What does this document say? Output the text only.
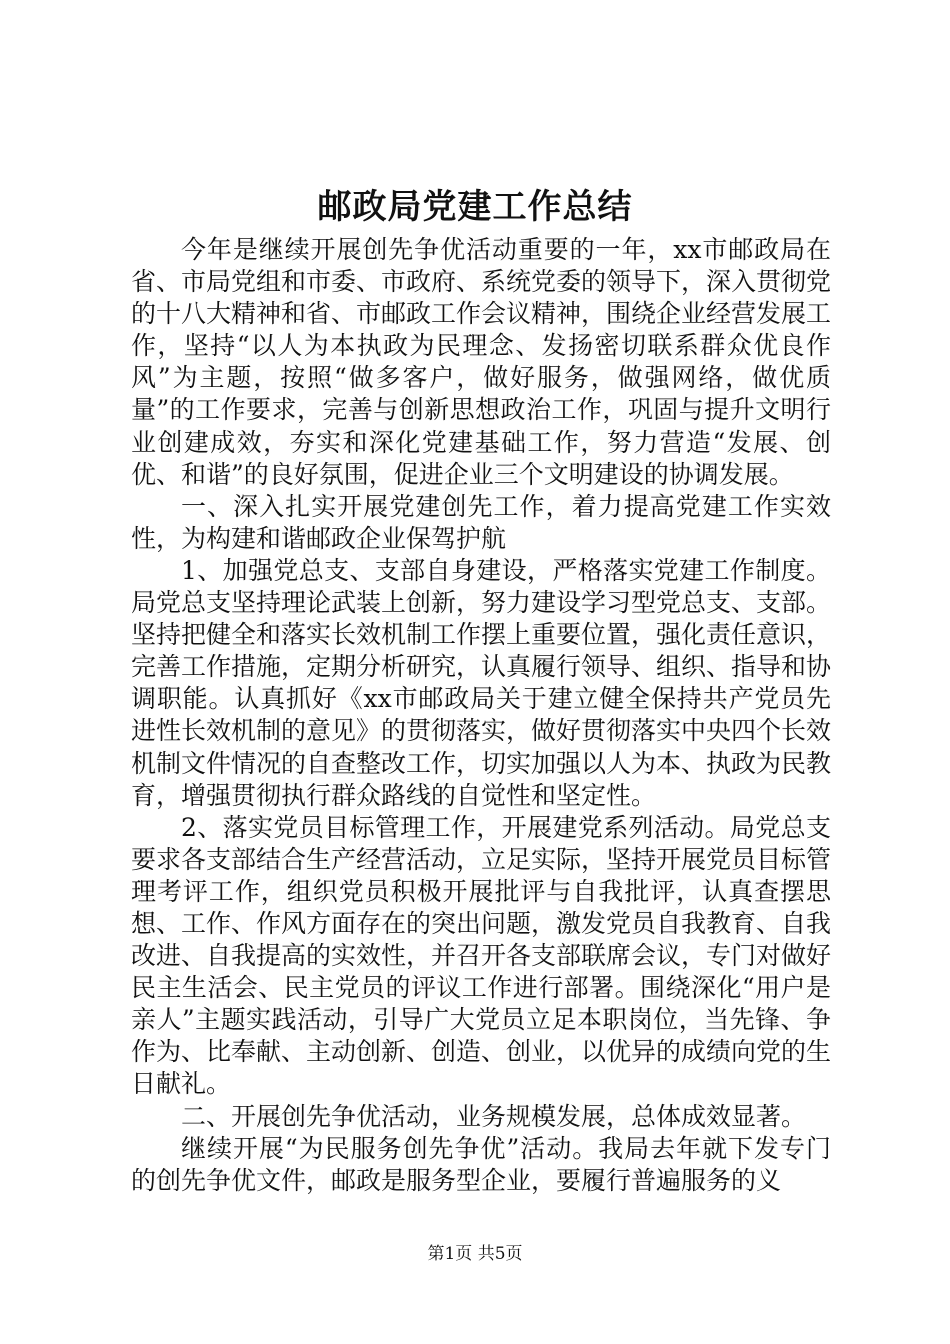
邮政局党建工作总结

今年是继续开展创先争优活动重要的一年，xx市邮政局在省、市局党组和市委、市政府、系统党委的领导下，深入贯彻党的十八大精神和省、市邮政工作会议精神，围绕企业经营发展工作，坚持“以人为本执政为民理念、发扬密切联系群众优良作风”为主题，按照“做多客户，做好服务，做强网络，做优质量”的工作要求，完善与创新思想政治工作，巩固与提升文明行业创建成效，夯实和深化党建基础工作，努力营造“发展、创优、和谐”的良好氛围，促进企业三个文明建设的协调发展。

一、深入扎实开展党建创先工作，着力提高党建工作实效性，为构建和谐邮政企业保驾护航

1、加强党总支、支部自身建设，严格落实党建工作制度。局党总支坚持理论武装上创新，努力建设学习型党总支、支部。坚持把健全和落实长效机制工作摆上重要位置，强化责任意识，完善工作措施，定期分析研究，认真履行领导、组织、指导和协调职能。认真抓好《xx市邮政局关于建立健全保持共产党员先进性长效机制的意见》的贯彻落实，做好贯彻落实中央四个长效机制文件情况的自查整改工作，切实加强以人为本、执政为民教育，增强贯彻执行群众路线的自觉性和坚定性。

2、落实党员目标管理工作，开展建党系列活动。局党总支要求各支部结合生产经营活动，立足实际，坚持开展党员目标管理考评工作，组织党员积极开展批评与自我批评，认真查摆思想、工作、作风方面存在的突出问题，激发党员自我教育、自我改进、自我提高的实效性，并召开各支部联席会议，专门对做好民主生活会、民主党员的评议工作进行部署。围绕深化“用户是亲人”主题实践活动，引导广大党员立足本职岗位，当先锋、争作为、比奉献、主动创新、创造、创业，以优异的成绩向党的生日献礼。

二、开展创先争优活动，业务规模发展，总体成效显著。

继续开展“为民服务创先争优”活动。我局去年就下发专门的创先争优文件，邮政是服务型企业，要履行普遍服务的义

第1页 共5页
